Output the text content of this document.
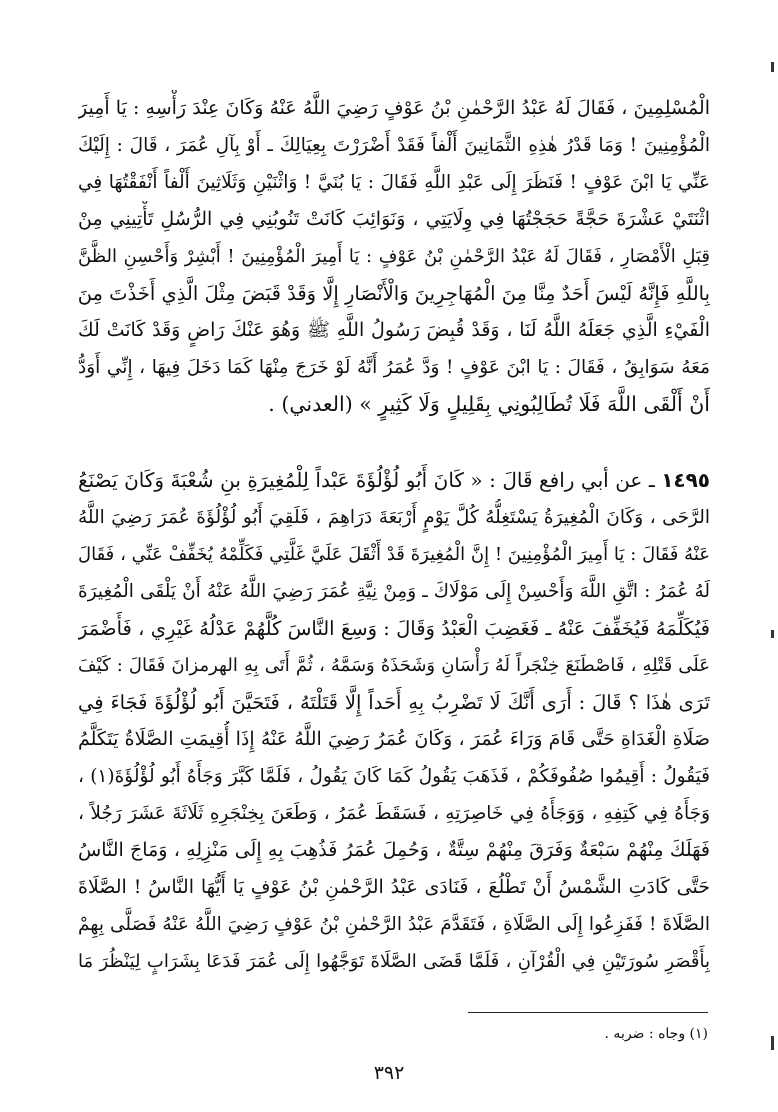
الْمُسْلِمِينَ ، فَقَالَ لَهُ عَبْدُ الرَّحْمٰنِ بْنُ عَوْفٍ رَضِيَ اللَّهُ عَنْهُ وَكَانَ عِنْدَ رَأْسِهِ : يَا أَمِيرَ
الْمُؤْمِنِينَ ! وَمَا قَدْرُ هٰذِهِ الثَّمَانِينَ أَلْفاً فَقَدْ أَضْرَرْتَ بِعِيَالِكَ ـ أَوْ بِآلِ عُمَرَ ، قَالَ : إِلَيْكَ
عَنِّي يَا ابْنَ عَوْفٍ ! فَنَظَرَ إِلَى عَبْدِ اللَّهِ فَقَالَ : يَا بُنَيَّ ! وَاثْنَيْنِ وَثَلَاثِينَ أَلْفاً أَنْفَقْتُهَا فِي
اثْنَتَيْ عَشْرَةَ حَجَّةً حَجَجْتُهَا فِي وِلَايَتِي ، وَنَوَائِبَ كَانَتْ تَنُوبُنِي فِي الرُّسُلِ تَأْتِينِي مِنْ
قِبَلِ الْأَمْصَارِ ، فَقَالَ لَهُ عَبْدُ الرَّحْمٰنِ بْنُ عَوْفٍ : يَا أَمِيرَ الْمُؤْمِنِينَ ! أَبْشِرْ وَأَحْسِنِ الظَّنَّ
بِاللَّهِ فَإِنَّهُ لَيْسَ أَحَدٌ مِنَّا مِنَ الْمُهَاجِرِينَ وَالْأَنْصَارِ إِلَّا وَقَدْ قَبَضَ مِثْلَ الَّذِي أَخَذْتَ مِنَ
الْفَيْءِ الَّذِي جَعَلَهُ اللَّهُ لَنَا ، وَقَدْ قُبِضَ رَسُولُ اللَّهِ ﷺ وَهُوَ عَنْكَ رَاضٍ وَقَدْ كَانَتْ لَكَ
مَعَهُ سَوَابِقُ ، فَقَالَ : يَا ابْنَ عَوْفٍ ! وَدَّ عُمَرُ أَنَّهُ لَوْ خَرَجَ مِنْهَا كَمَا دَخَلَ فِيهَا ، إِنِّي أَوَدُّ
أَنْ أَلْقَى اللَّهَ فَلَا تُطَالِبُونِي بِقَلِيلٍ وَلَا كَثِيرٍ » (العدني) .
١٤٩٥ ـ عن أبي رافع قَالَ : « كَانَ أَبُو لُؤْلُؤَةَ عَبْداً لِلْمُغِيرَةِ بنِ شُعْبَةَ وَكَانَ يَصْنَعُ
الرَّحَى ، وَكَانَ الْمُغِيرَةُ يَسْتَغِلُّهُ كُلَّ يَوْمٍ أَرْبَعَةَ دَرَاهِمَ ، فَلَقِيَ أَبُو لُؤْلُؤَةَ عُمَرَ رَضِيَ اللَّهُ
عَنْهُ فَقَالَ : يَا أَمِيرَ الْمُؤْمِنِينَ ! إِنَّ الْمُغِيرَةَ قَدْ أَثْقَلَ عَلَيَّ غَلَّتِي فَكَلِّمْهُ يُخَفِّفْ عَنِّي ، فَقَالَ
لَهُ عُمَرُ : اتَّقِ اللَّهَ وَأَحْسِنْ إِلَى مَوْلَاكَ ـ وَمِنْ نِيَّةِ عُمَرَ رَضِيَ اللَّهُ عَنْهُ أَنْ يَلْقَى الْمُغِيرَةَ
فَيُكَلِّمَهُ فَيُخَفِّفَ عَنْهُ ـ فَغَضِبَ الْعَبْدُ وَقَالَ : وَسِعَ النَّاسَ كُلَّهُمْ عَدْلُهُ غَيْرِي ، فَأَضْمَرَ
عَلَى قَتْلِهِ ، فَاصْطَنَعَ خِنْجَراً لَهُ رَأْسَانِ وَشَحَذَهُ وَسَمَّهُ ، ثُمَّ أَتَى بِهِ الهرمزانَ فَقَالَ : كَيْفَ
تَرَى هٰذَا ؟ قَالَ : أَرَى أَنَّكَ لَا تَضْرِبُ بِهِ أَحَداً إِلَّا قَتَلْتَهُ ، فَتَحَيَّنَ أَبُو لُؤْلُؤَةَ فَجَاءَ فِي
صَلَاةِ الْغَدَاةِ حَتَّى قَامَ وَرَاءَ عُمَرَ ، وَكَانَ عُمَرُ رَضِيَ اللَّهُ عَنْهُ إِذَا أُقِيمَتِ الصَّلَاةُ يَتَكَلَّمُ
فَيَقُولُ : أَقِيمُوا صُفُوفَكُمْ ، فَذَهَبَ يَقُولُ كَمَا كَانَ يَقُولُ ، فَلَمَّا كَبَّرَ وَجَأَهُ أَبُو لُؤْلُؤَةَ(١) ،
وَجَأَهُ فِي كَتِفِهِ ، وَوَجَأَهُ فِي خَاصِرَتِهِ ، فَسَقَطَ عُمَرُ ، وَطَعَنَ بِخِنْجَرِهِ ثَلَاثَةَ عَشَرَ رَجُلاً ،
فَهَلَكَ مِنْهُمْ سَبْعَةٌ وَفَرَقَ مِنْهُمْ سِتَّةٌ ، وَحُمِلَ عُمَرُ فَذُهِبَ بِهِ إِلَى مَنْزِلِهِ ، وَمَاجَ النَّاسُ
حَتَّى كَادَتِ الشَّمْسُ أَنْ تَطْلُعَ ، فَنَادَى عَبْدُ الرَّحْمٰنِ بْنُ عَوْفٍ يَا أَيُّهَا النَّاسُ ! الصَّلَاةَ
الصَّلَاةَ ! فَفَزِعُوا إِلَى الصَّلَاةِ ، فَتَقَدَّمَ عَبْدُ الرَّحْمٰنِ بْنُ عَوْفٍ رَضِيَ اللَّهُ عَنْهُ فَصَلَّى بِهِمْ
بِأَقْصَرِ سُورَتَيْنِ فِي الْقُرْآنِ ، فَلَمَّا قَضَى الصَّلَاةَ تَوَجَّهُوا إِلَى عُمَرَ فَدَعَا بِشَرَابٍ لِيَنْظُرَ مَا
(١) وجاه : ضربه .
٣٩٢
